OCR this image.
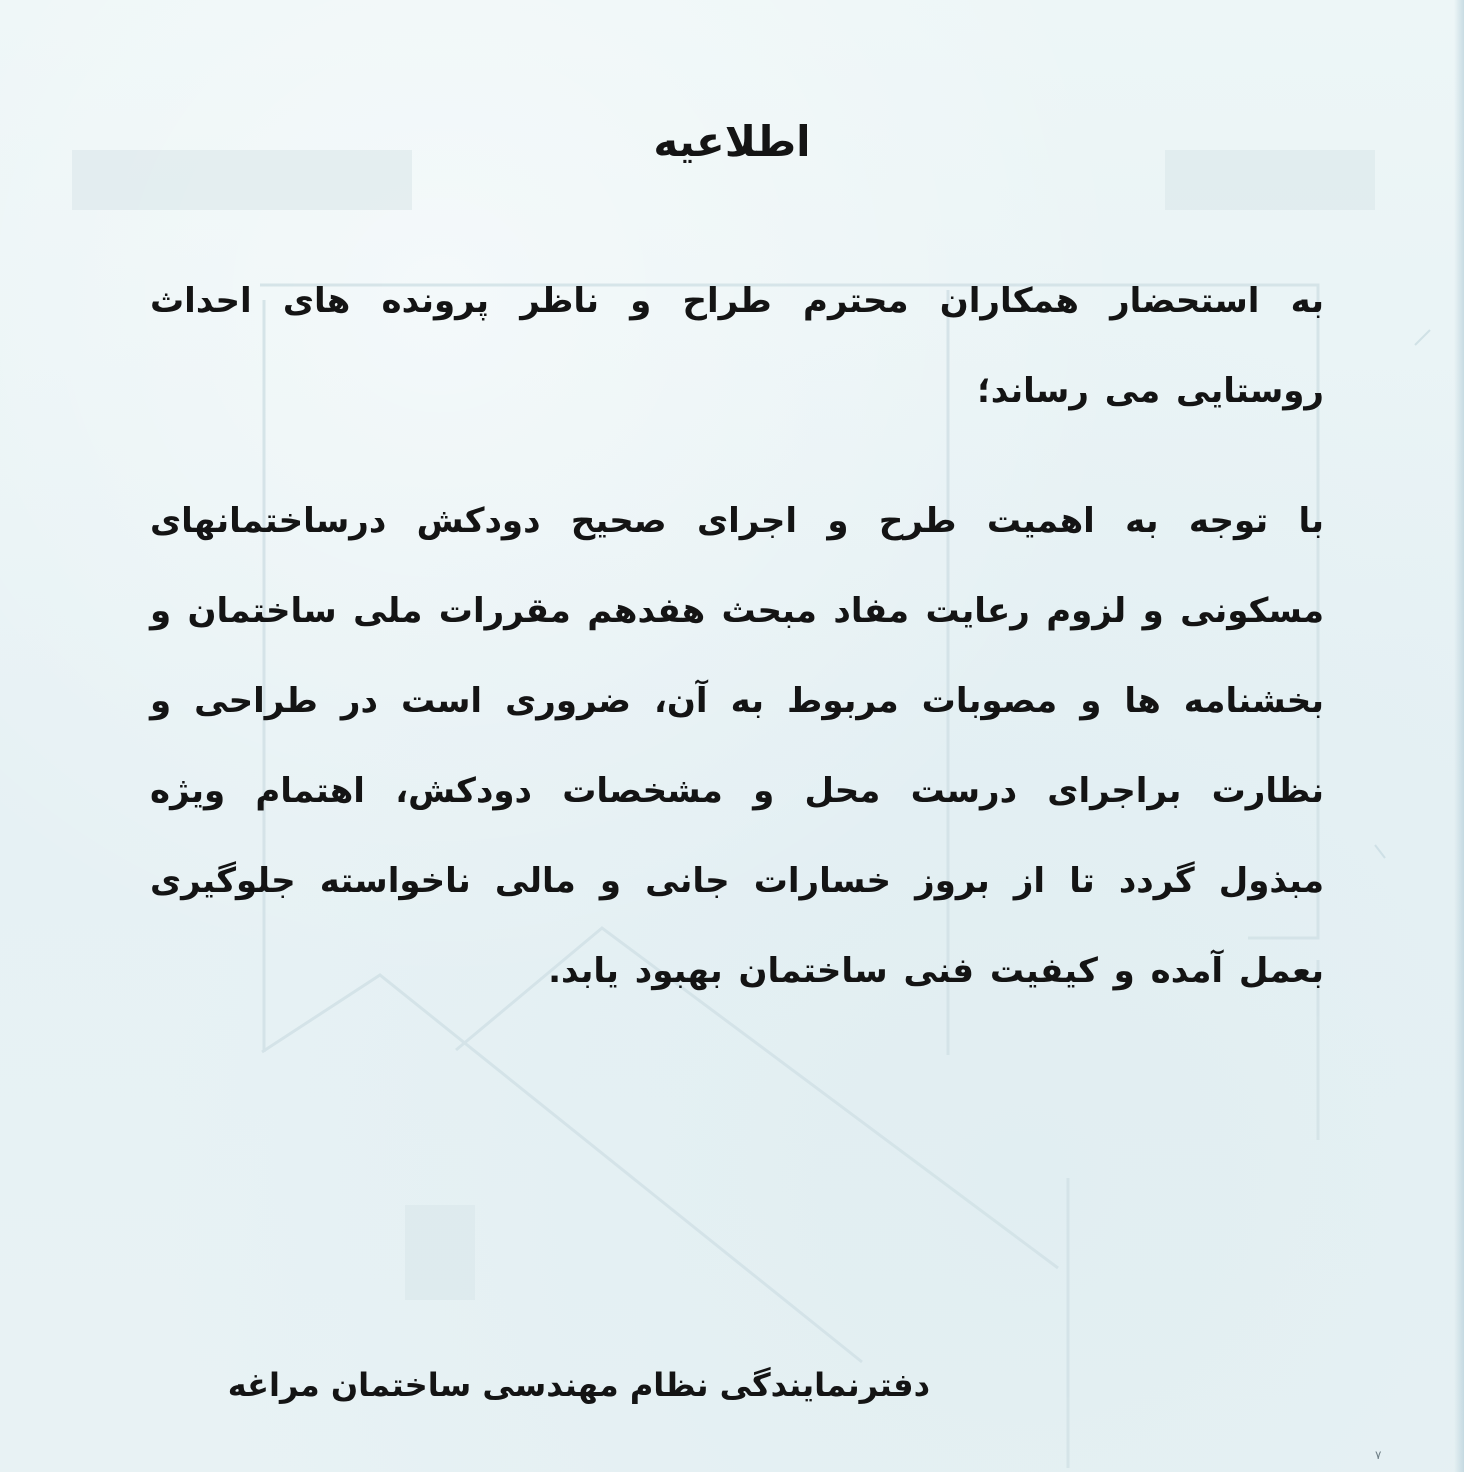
اطلاعیه
به استحضار همکاران محترم طراح و ناظر پرونده های احداث
روستایی می رساند؛
با توجه به اهمیت طرح و اجرای صحیح دودکش درساختمانهای
مسکونی و لزوم رعایت مفاد مبحث هفدهم مقررات ملی ساختمان و
بخشنامه ها و مصوبات مربوط به آن، ضروری است در طراحی و
نظارت براجرای درست محل و مشخصات دودکش، اهتمام ویژه
مبذول گردد تا از بروز خسارات جانی و مالی ناخواسته جلوگیری
بعمل آمده و کیفیت فنی ساختمان بهبود یابد.
دفترنمایندگی نظام مهندسی ساختمان مراغه
۷
